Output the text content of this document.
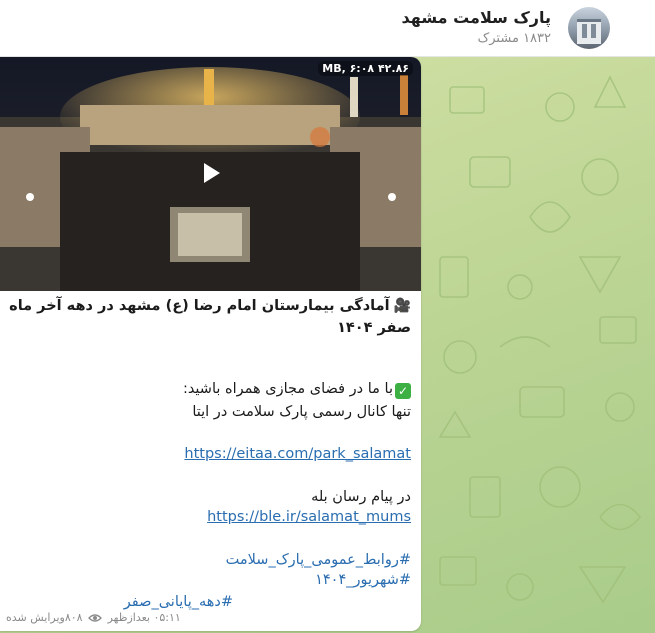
پارک سلامت مشهد
۱۸۳۲ مشترک
MB, ۶:۰۸ ۴۲.۸۶
🎥آمادگی بیمارستان امام رضا (ع) مشهد در دهه آخر ماه صفر ۱۴۰۴
✓با ما در فضای مجازی همراه باشید:
تنها کانال رسمی پارک سلامت در ایتا
https://eitaa.com/park_salamat
در پیام رسان بله
https://ble.ir/salamat_mums
#روابط_عمومی_پارک_سلامت
#شهریور_۱۴۰۴
#دهه_پایانی_صفر
۰۵:۱۱ بعدازظهر  ۸۰۸ویرایش شده
